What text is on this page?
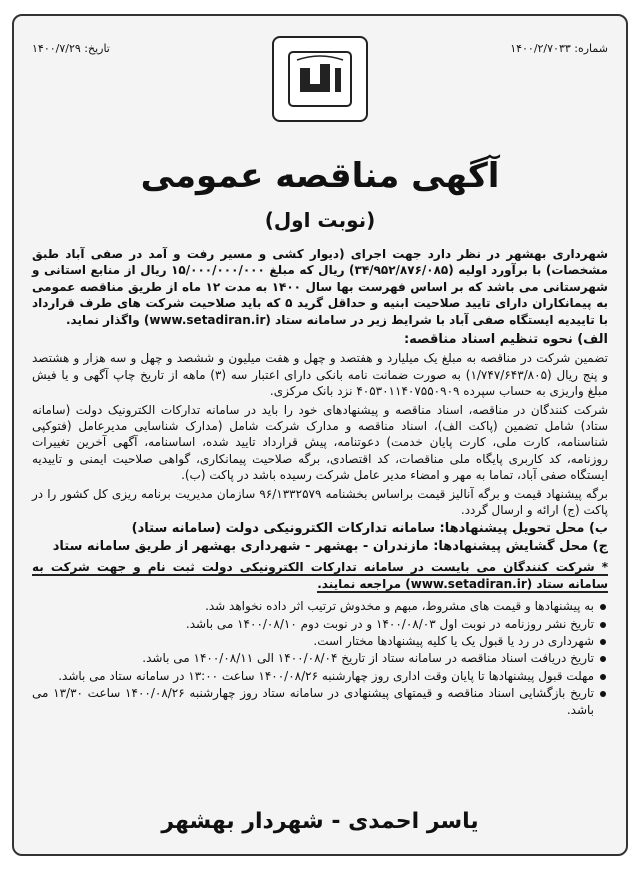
شماره: ۱۴۰۰/۲/۷۰۳۳
تاریخ: ۱۴۰۰/۷/۲۹
آگهی مناقصه عمومی
(نوبت اول)

شهرداری بهشهر در نظر دارد جهت اجرای (دیوار کشی و مسیر رفت و آمد در صفی آباد طبق مشخصات) با برآورد اولیه (۳۴/۹۵۲/۸۷۶/۰۸۵) ریال که مبلغ ۱۵/۰۰۰/۰۰۰/۰۰۰ ریال از منابع استانی و شهرستانی می باشد که بر اساس فهرست بها سال ۱۴۰۰ به مدت ۱۲ ماه از طریق مناقصه عمومی به پیمانکاران دارای تایید صلاحیت ابنیه و حداقل گرید ۵ که باید صلاحیت شرکت های طرف قرارداد با تاییدیه ایستگاه صفی آباد با شرایط زیر در سامانه ستاد (www.setadiran.ir) واگذار نماید.

الف) نحوه تنظیم اسناد مناقصه:

تضمین شرکت در مناقصه به مبلغ یک میلیارد و هفتصد و چهل و هفت میلیون و ششصد و چهل و سه هزار و هشتصد و پنج ریال (۱/۷۴۷/۶۴۳/۸۰۵) به صورت ضمانت نامه بانکی دارای اعتبار سه (۳) ماهه از تاریخ چاپ آگهی و یا فیش مبلغ واریزی به حساب سپرده ۴۰۵۳۰۱۱۴۰۷۵۵۰۹۰۹ نزد بانک مرکزی.

شرکت کنندگان در مناقصه، اسناد مناقصه و پیشنهادهای خود را باید در سامانه تدارکات الکترونیک دولت (سامانه ستاد) شامل تضمین (پاکت الف)، اسناد مناقصه و مدارک شرکت شامل (مدارک شناسایی مدیرعامل (فتوکپی شناسنامه، کارت ملی، کارت پایان خدمت) دعوتنامه، پیش قرارداد تایید شده، اساسنامه، آگهی آخرین تغییرات روزنامه، کد کاربری پایگاه ملی مناقصات، کد اقتصادی، برگه صلاحیت پیمانکاری، گواهی صلاحیت ایمنی و تاییدیه ایستگاه صفی آباد، تماما به مهر و امضاء مدیر عامل شرکت رسیده باشد در پاکت (ب).

برگه پیشنهاد قیمت و برگه آنالیز قیمت براساس بخشنامه ۹۶/۱۳۳۲۵۷۹ سازمان مدیریت برنامه ریزی کل کشور را در پاکت (ج) ارائه و ارسال گردد.

ب) محل تحویل پیشنهادها: سامانه تدارکات الکترونیکی دولت (سامانه ستاد)

ج) محل گشایش پیشنهادها: مازندران - بهشهر - شهرداری بهشهر از طریق سامانه ستاد

* شرکت کنندگان می بایست در سامانه تدارکات الکترونیکی دولت ثبت نام و جهت شرکت به سامانه ستاد (www.setadiran.ir) مراجعه نمایند.

به پیشنهادها و قیمت های مشروط، مبهم و مخدوش ترتیب اثر داده نخواهد شد.
تاریخ نشر روزنامه در نوبت اول ۱۴۰۰/۰۸/۰۳ و در نوبت دوم ۱۴۰۰/۰۸/۱۰ می باشد.
شهرداری در رد یا قبول یک یا کلیه پیشنهادها مختار است.
تاریخ دریافت اسناد مناقصه در سامانه ستاد از تاریخ ۱۴۰۰/۰۸/۰۴ الی ۱۴۰۰/۰۸/۱۱ می باشد.
مهلت قبول پیشنهادها تا پایان وقت اداری روز چهارشنبه ۱۴۰۰/۰۸/۲۶ ساعت ۱۳:۰۰ در سامانه ستاد می باشد.
تاریخ بازگشایی اسناد مناقصه و قیمتهای پیشنهادی در سامانه ستاد روز چهارشنبه ۱۴۰۰/۰۸/۲۶ ساعت ۱۳/۳۰ می باشد.
یاسر احمدی - شهردار بهشهر
